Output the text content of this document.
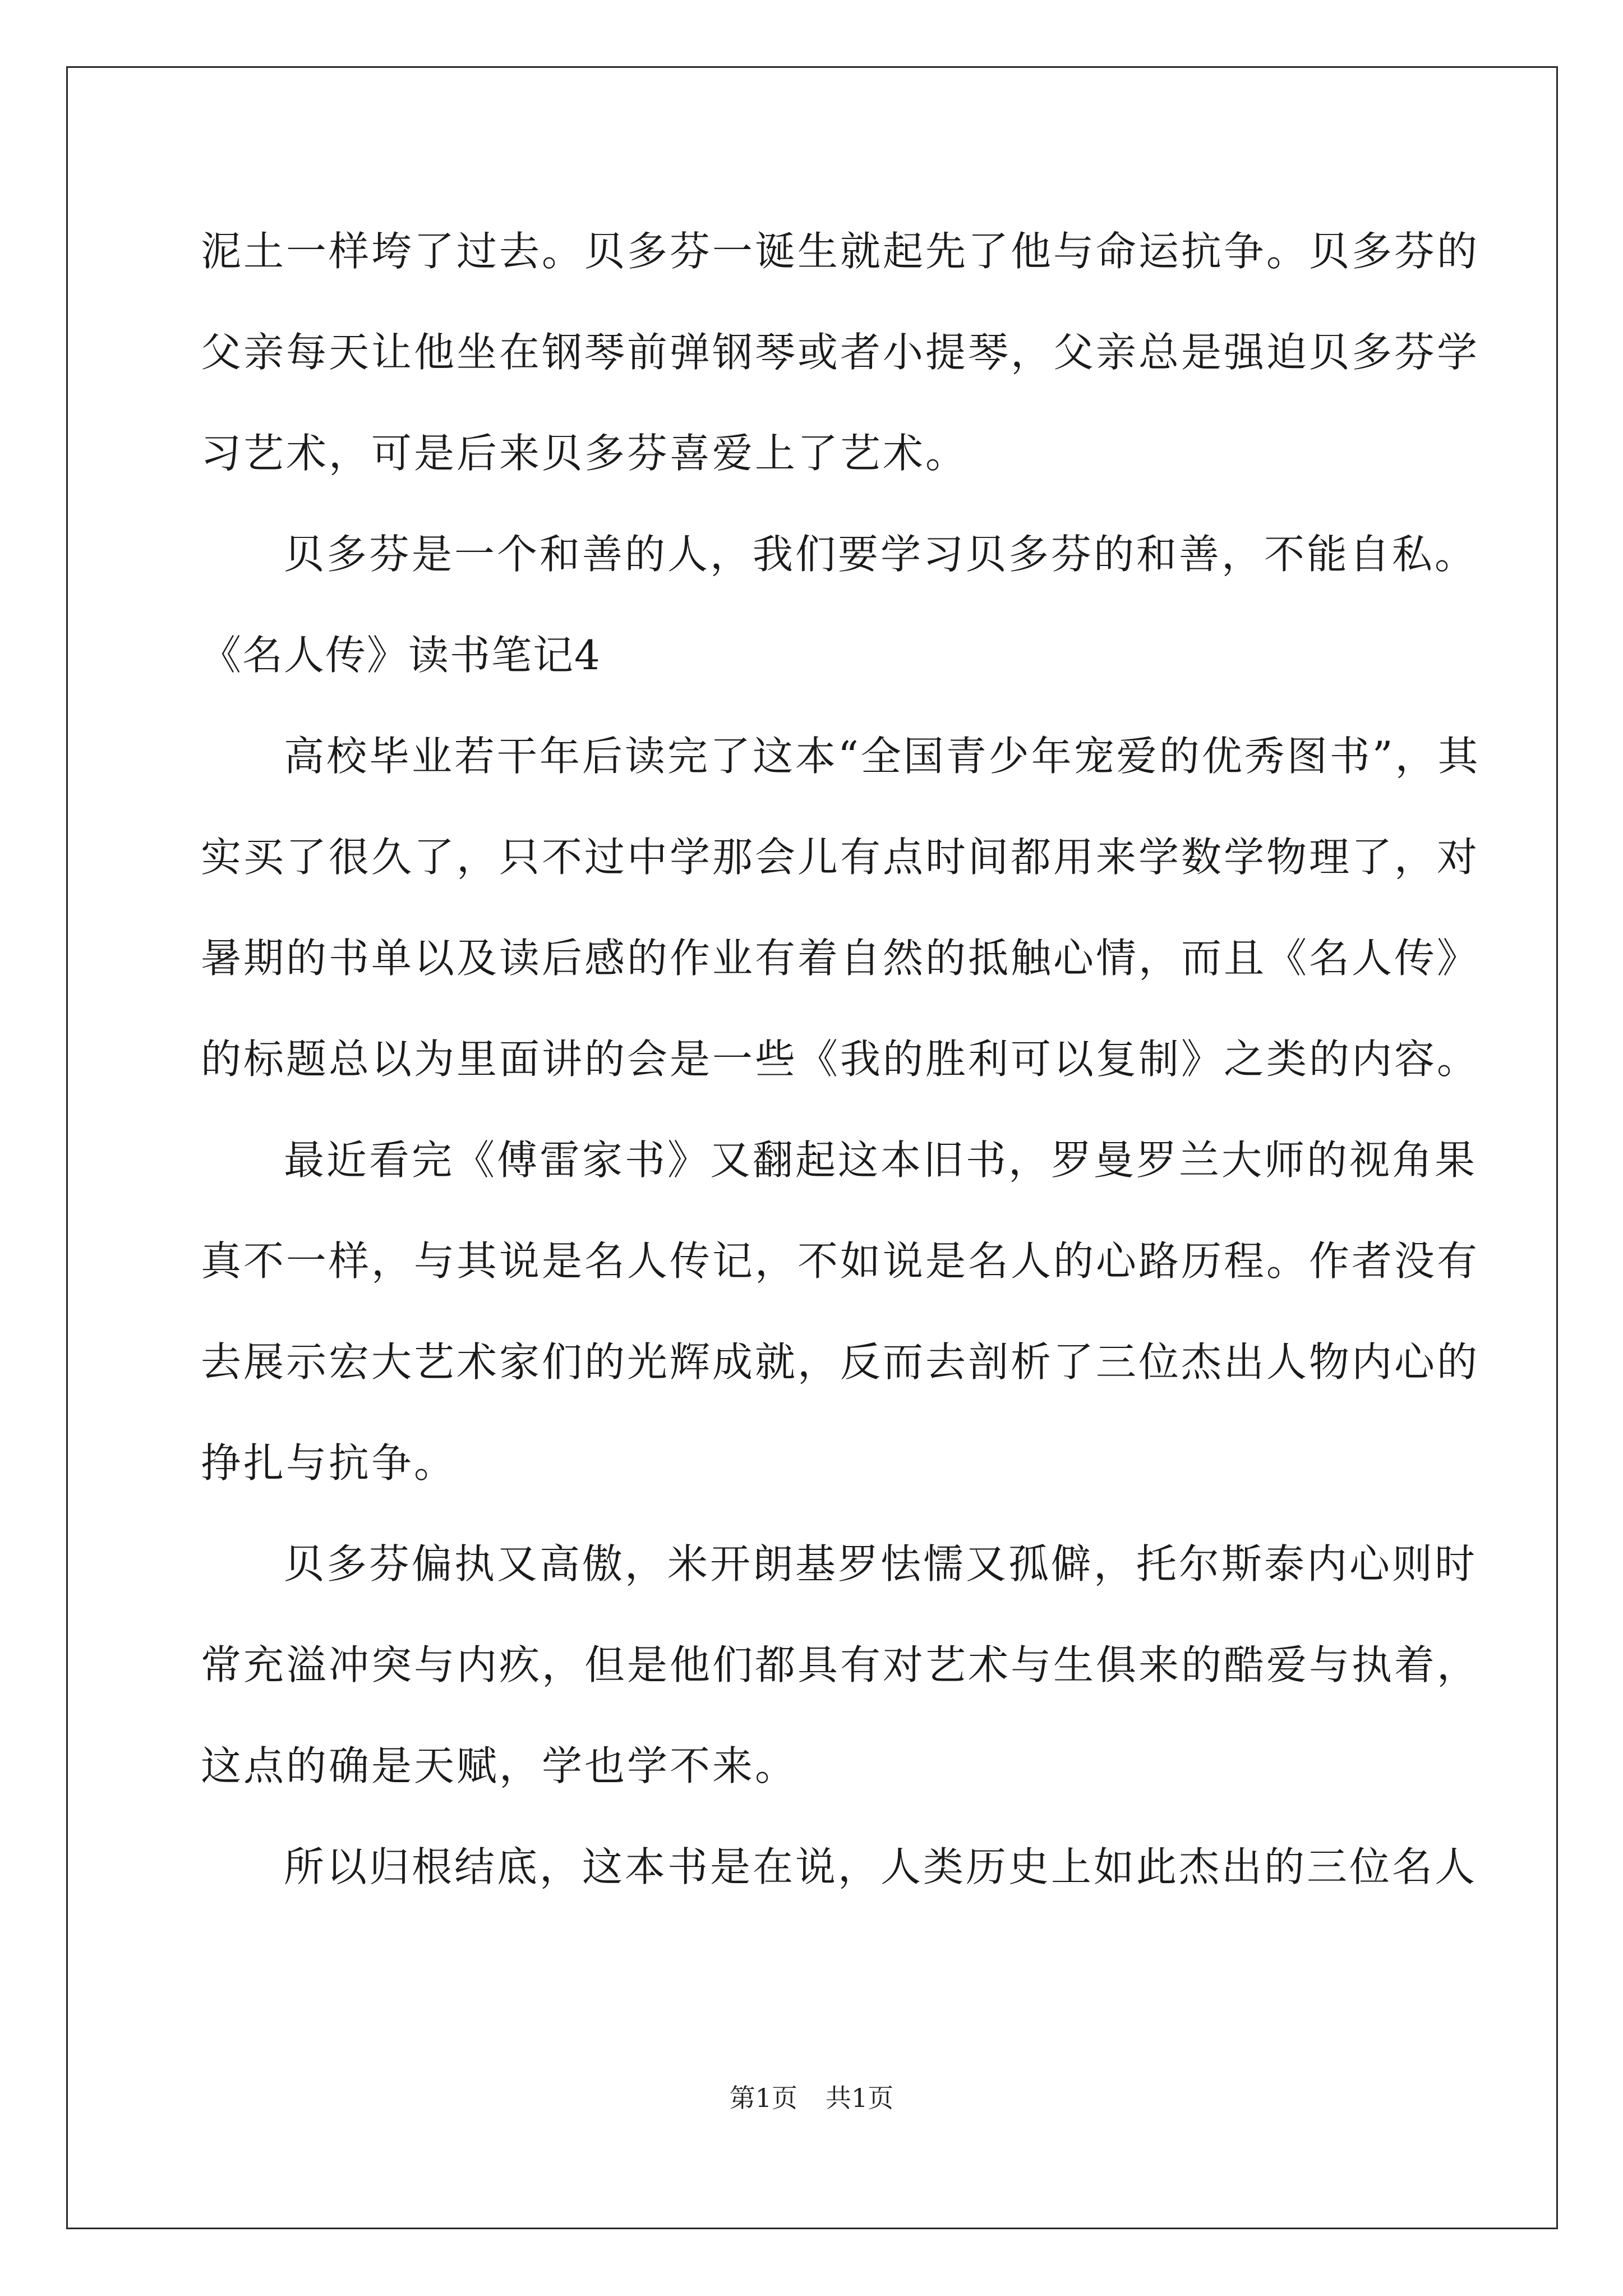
泥土一样垮了过去。贝多芬一诞生就起先了他与命运抗争。贝多芬的
父亲每天让他坐在钢琴前弹钢琴或者小提琴，父亲总是强迫贝多芬学
习艺术，可是后来贝多芬喜爱上了艺术。
贝多芬是一个和善的人，我们要学习贝多芬的和善，不能自私。
《名人传》读书笔记4
高校毕业若干年后读完了这本“全国青少年宠爱的优秀图书”，其
实买了很久了，只不过中学那会儿有点时间都用来学数学物理了，对
暑期的书单以及读后感的作业有着自然的抵触心情，而且《名人传》
的标题总以为里面讲的会是一些《我的胜利可以复制》之类的内容。
最近看完《傅雷家书》又翻起这本旧书，罗曼罗兰大师的视角果
真不一样，与其说是名人传记，不如说是名人的心路历程。作者没有
去展示宏大艺术家们的光辉成就，反而去剖析了三位杰出人物内心的
挣扎与抗争。
贝多芬偏执又高傲，米开朗基罗怯懦又孤僻，托尔斯泰内心则时
常充溢冲突与内疚，但是他们都具有对艺术与生俱来的酷爱与执着，
这点的确是天赋，学也学不来。
所以归根结底，这本书是在说，人类历史上如此杰出的三位名人
第1页 共1页
